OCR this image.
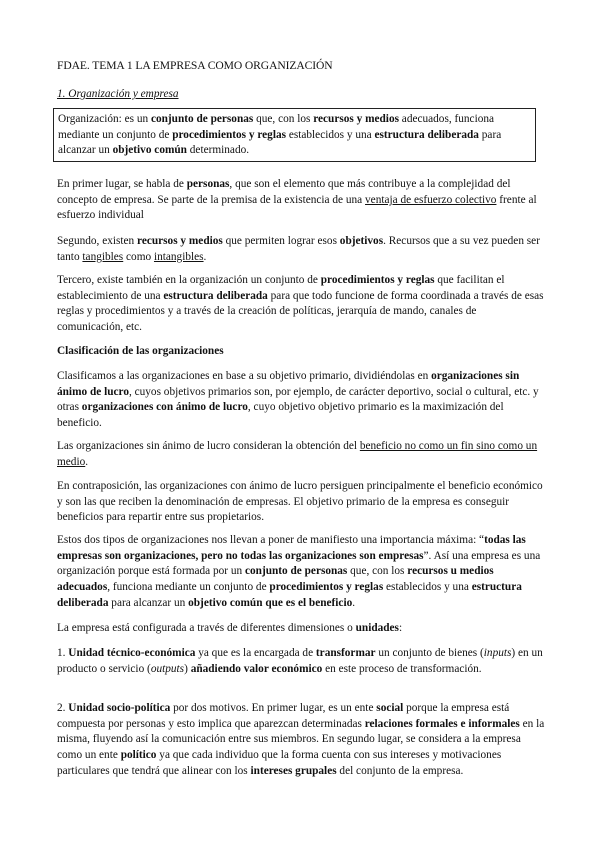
FDAE. TEMA 1 LA EMPRESA COMO ORGANIZACIÓN

1. Organización y empresa

Organización: es un conjunto de personas que, con los recursos y medios adecuados, funciona mediante un conjunto de procedimientos y reglas establecidos y una estructura deliberada para alcanzar un objetivo común determinado.

En primer lugar, se habla de personas, que son el elemento que más contribuye a la complejidad del concepto de empresa. Se parte de la premisa de la existencia de una ventaja de esfuerzo colectivo frente al esfuerzo individual

Segundo, existen recursos y medios que permiten lograr esos objetivos. Recursos que a su vez pueden ser tanto tangibles como intangibles.

Tercero, existe también en la organización un conjunto de procedimientos y reglas que facilitan el establecimiento de una estructura deliberada para que todo funcione de forma coordinada a través de esas reglas y procedimientos y a través de la creación de políticas, jerarquía de mando, canales de comunicación, etc.

Clasificación de las organizaciones

Clasificamos a las organizaciones en base a su objetivo primario, dividiéndolas en organizaciones sin ánimo de lucro, cuyos objetivos primarios son, por ejemplo, de carácter deportivo, social o cultural, etc. y otras organizaciones con ánimo de lucro, cuyo objetivo objetivo primario es la maximización del beneficio.

Las organizaciones sin ánimo de lucro consideran la obtención del beneficio no como un fin sino como un medio.

En contraposición, las organizaciones con ánimo de lucro persiguen principalmente el beneficio económico y son las que reciben la denominación de empresas. El objetivo primario de la empresa es conseguir beneficios para repartir entre sus propietarios.

Estos dos tipos de organizaciones nos llevan a poner de manifiesto una importancia máxima: “todas las empresas son organizaciones, pero no todas las organizaciones son empresas”. Así una empresa es una organización porque está formada por un conjunto de personas que, con los recursos u medios adecuados, funciona mediante un conjunto de procedimientos y reglas establecidos y una estructura deliberada para alcanzar un objetivo común que es el beneficio.

La empresa está configurada a través de diferentes dimensiones o unidades:

1. Unidad técnico-económica ya que es la encargada de transformar un conjunto de bienes (inputs) en un producto o servicio (outputs) añadiendo valor económico en este proceso de transformación.

2. Unidad socio-política por dos motivos. En primer lugar, es un ente social porque la empresa está compuesta por personas y esto implica que aparezcan determinadas relaciones formales e informales en la misma, fluyendo así la comunicación entre sus miembros. En segundo lugar, se considera a la empresa como un ente político ya que cada individuo que la forma cuenta con sus intereses y motivaciones particulares que tendrá que alinear con los intereses grupales del conjunto de la empresa.
